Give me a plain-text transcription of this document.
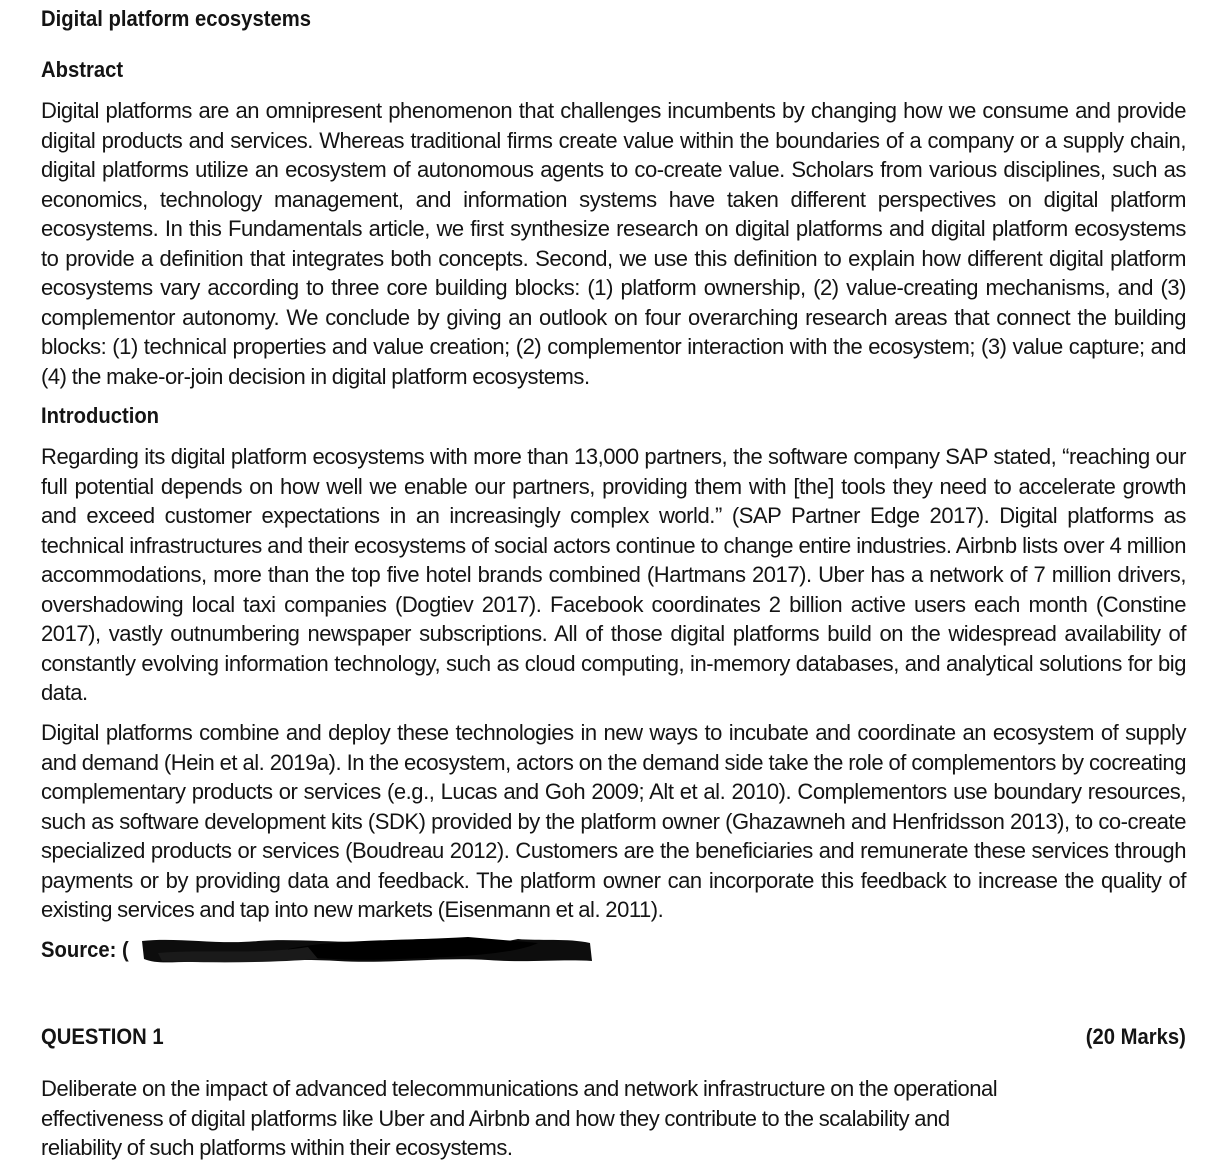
Digital platform ecosystems
Abstract

Digital platforms are an omnipresent phenomenon that challenges incumbents by changing how we consume and provide digital products and services. Whereas traditional firms create value within the boundaries of a company or a supply chain, digital platforms utilize an ecosystem of autonomous agents to co-create value. Scholars from various disciplines, such as economics, technology management, and information systems have taken different perspectives on digital platform ecosystems. In this Fundamentals article, we first synthesize research on digital platforms and digital platform ecosystems to provide a definition that integrates both concepts. Second, we use this definition to explain how different digital platform ecosystems vary according to three core building blocks: (1) platform ownership, (2) value-creating mechanisms, and (3) complementor autonomy. We conclude by giving an outlook on four overarching research areas that connect the building blocks: (1) technical properties and value creation; (2) complementor interaction with the ecosystem; (3) value capture; and (4) the make-or-join decision in digital platform ecosystems.

Introduction

Regarding its digital platform ecosystems with more than 13,000 partners, the software company SAP stated, “reaching our full potential depends on how well we enable our partners, providing them with [the] tools they need to accelerate growth and exceed customer expectations in an increasingly complex world.” (SAP Partner Edge 2017). Digital platforms as technical infrastructures and their ecosystems of social actors continue to change entire industries. Airbnb lists over 4 million accommodations, more than the top five hotel brands combined (Hartmans 2017). Uber has a network of 7 million drivers, overshadowing local taxi companies (Dogtiev 2017). Facebook coordinates 2 billion active users each month (Constine 2017), vastly outnumbering newspaper subscriptions. All of those digital platforms build on the widespread availability of constantly evolving information technology, such as cloud computing, in-memory databases, and analytical solutions for big data.

Digital platforms combine and deploy these technologies in new ways to incubate and coordinate an ecosystem of supply and demand (Hein et al. 2019a). In the ecosystem, actors on the demand side take the role of complementors by cocreating complementary products or services (e.g., Lucas and Goh 2009; Alt et al. 2010). Complementors use boundary resources, such as software development kits (SDK) provided by the platform owner (Ghazawneh and Henfridsson 2013), to co-create specialized products or services (Boudreau 2012). Customers are the beneficiaries and remunerate these services through payments or by providing data and feedback. The platform owner can incorporate this feedback to increase the quality of existing services and tap into new markets (Eisenmann et al. 2011).

Source: (
QUESTION 1	(20 Marks)

Deliberate on the impact of advanced telecommunications and network infrastructure on the operational effectiveness of digital platforms like Uber and Airbnb and how they contribute to the scalability and reliability of such platforms within their ecosystems.
